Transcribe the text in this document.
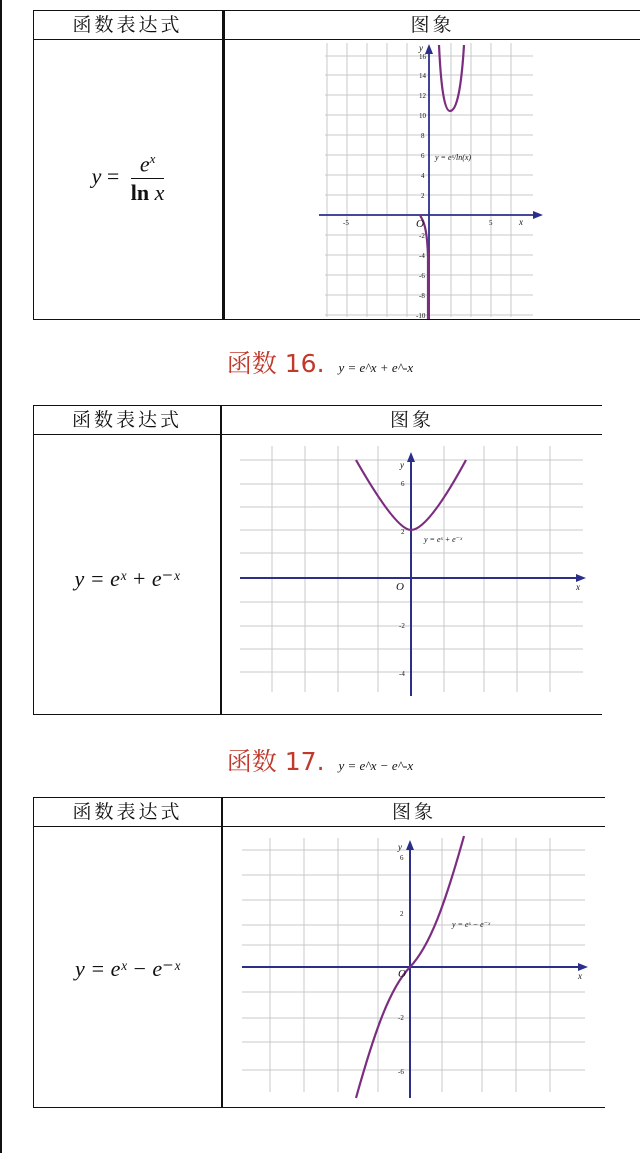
函数表达式	图象
$y = \frac{e^x}{\text{ln x}}$
16
14
12
10
8
6
4
2
-2
-4
-6
-8
-10
-5	5
O	x
y
y = eˣ/ln(x)
函数 16. y = e^x + e^-x
函数表达式	图象
y = eˣ + e⁻ˣ
6
2
-2
-4
O	x
y
y = eˣ + e⁻ˣ
函数 17. y = e^x − e^-x
函数表达式	图象
y = eˣ − e⁻ˣ
6
2
-2
-6
O	x
y
y = eˣ − e⁻ˣ
